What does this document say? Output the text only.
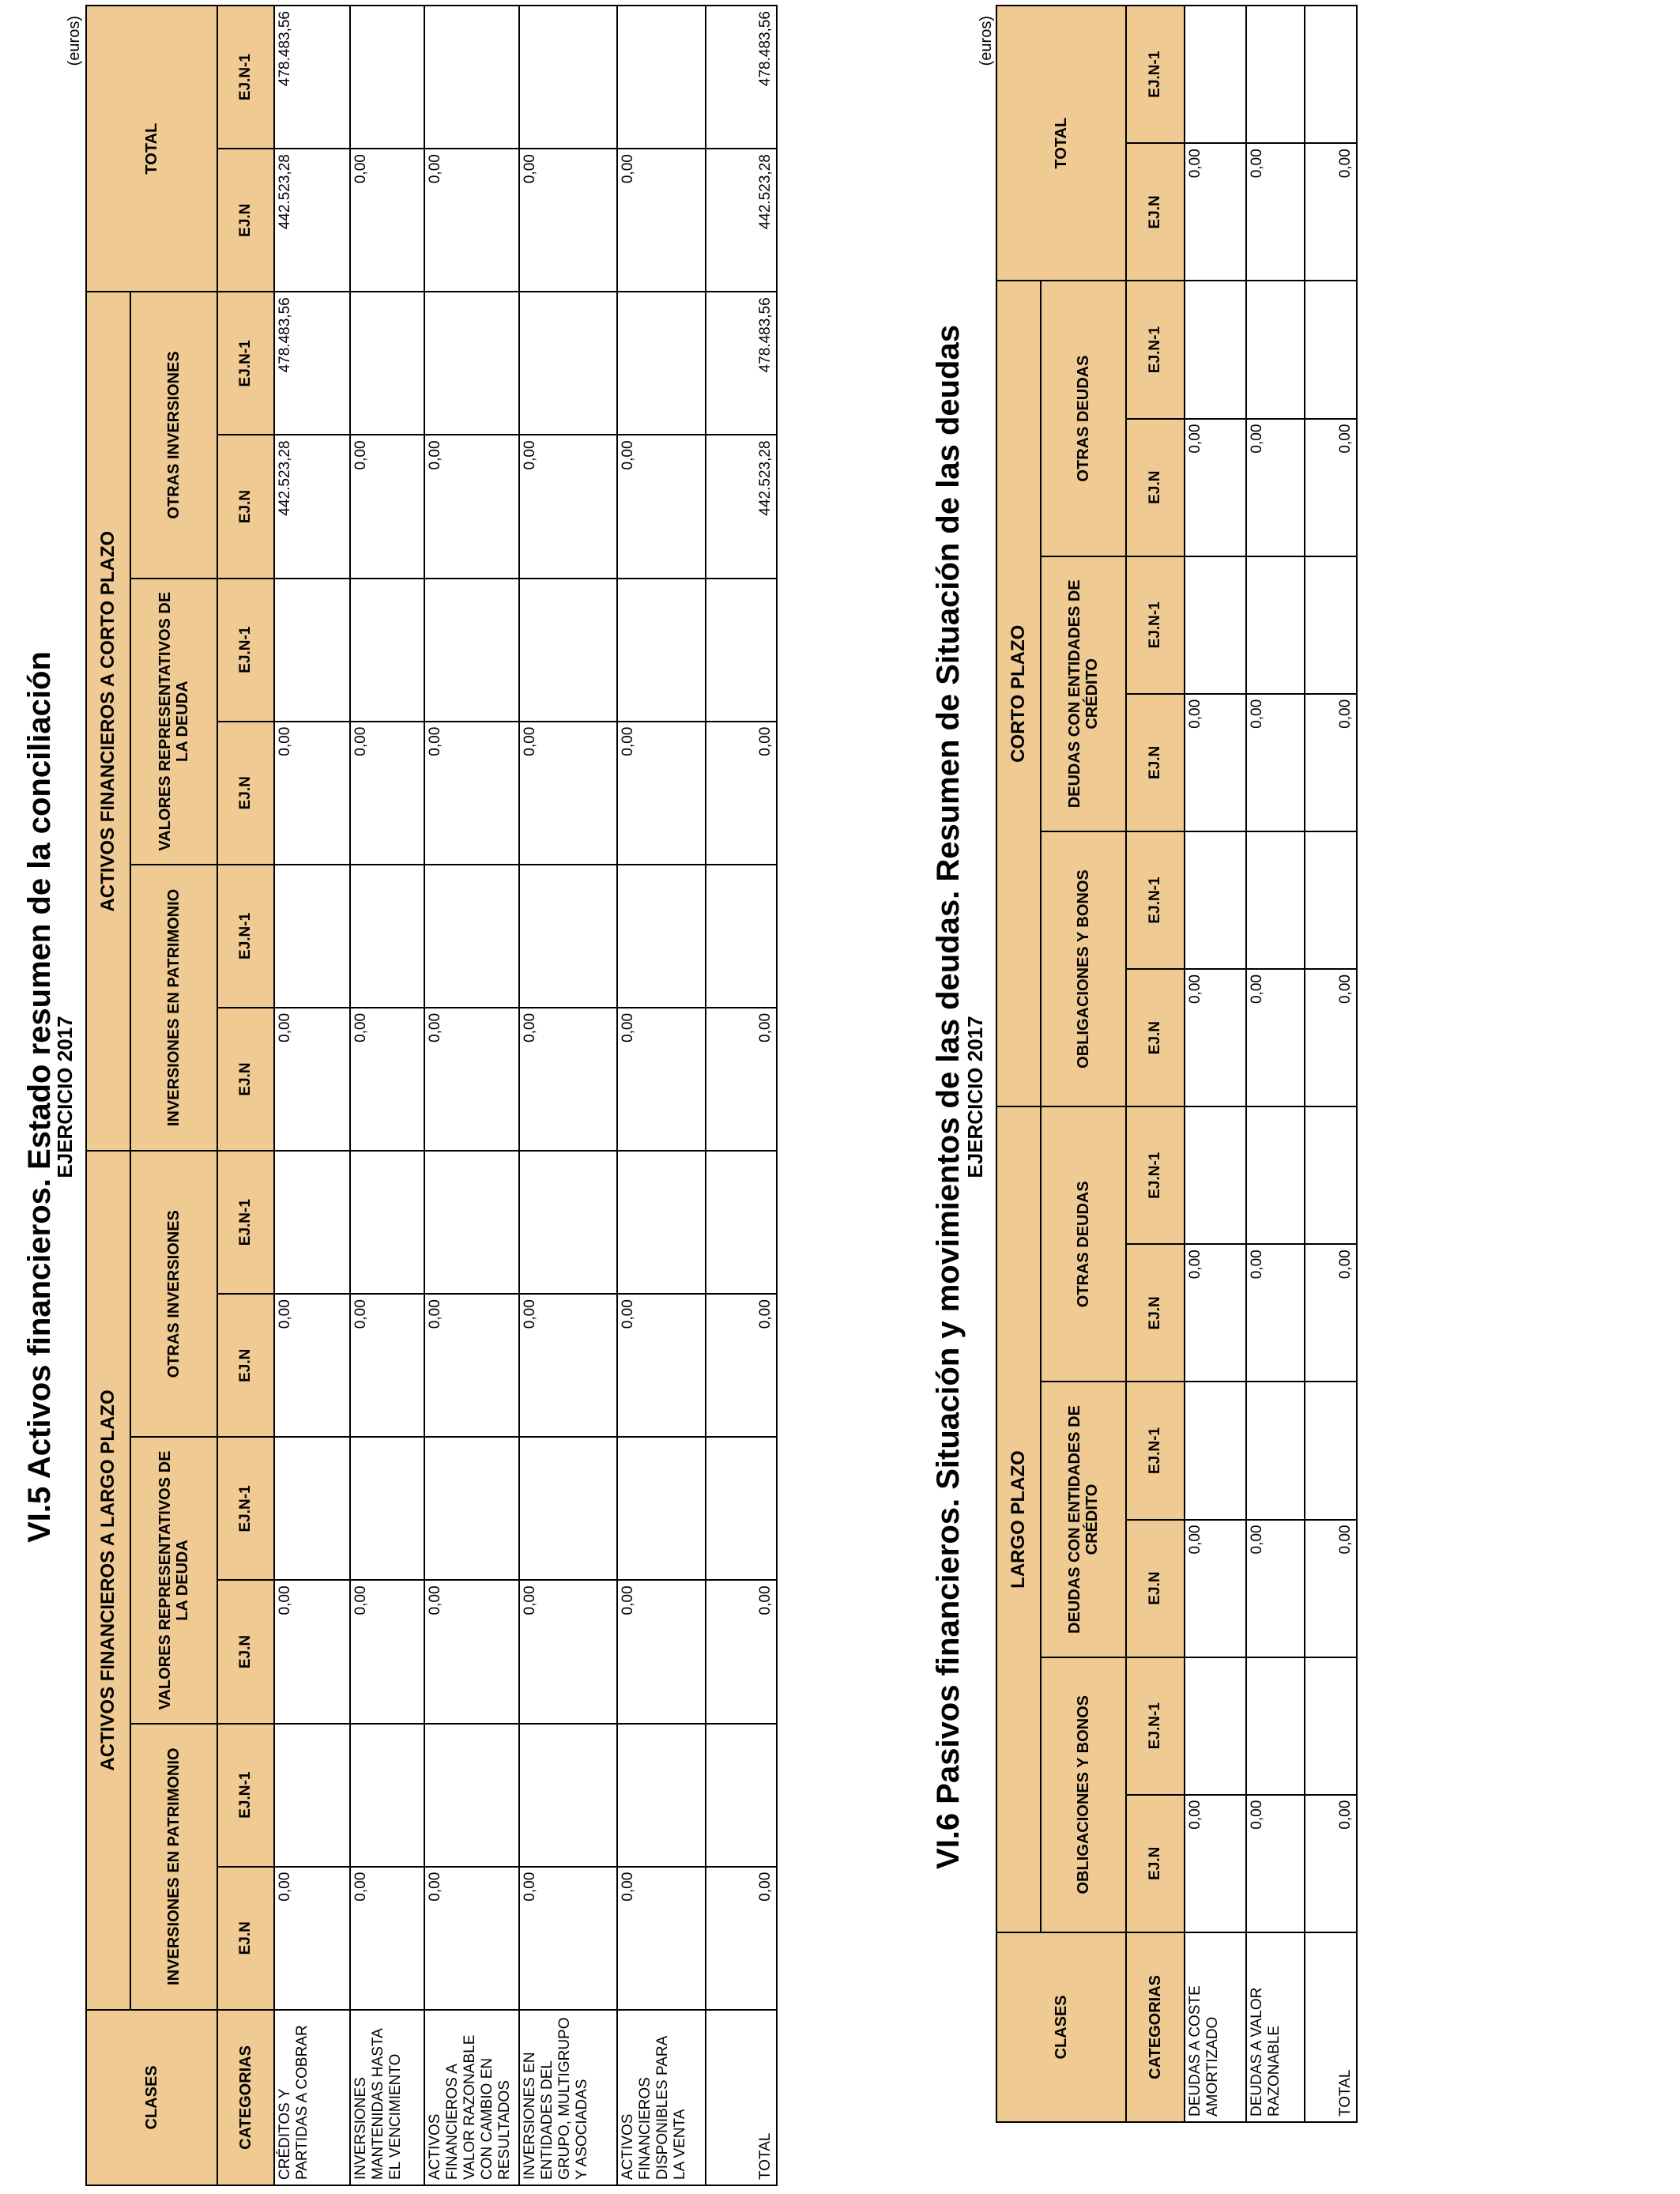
VI.5 Activos financieros. Estado resumen de la conciliación
EJERCICIO 2017
(euros)
CLASES	ACTIVOS FINANCIEROS A LARGO PLAZO						ACTIVOS FINANCIEROS A CORTO PLAZO						TOTAL	
	INVERSIONES EN PATRIMONIO		VALORES REPRESENTATIVOS DE LA DEUDA		OTRAS INVERSIONES		INVERSIONES EN PATRIMONIO		VALORES REPRESENTATIVOS DE LA DEUDA		OTRAS INVERSIONES			
CATEGORIAS	EJ.N	EJ.N-1	EJ.N	EJ.N-1	EJ.N	EJ.N-1	EJ.N	EJ.N-1	EJ.N	EJ.N-1	EJ.N	EJ.N-1	EJ.N	EJ.N-1
CRÉDITOS Y PARTIDAS A COBRAR	0,00		0,00		0,00		0,00		0,00		442.523,28	478.483,56	442.523,28	478.483,56
INVERSIONES MANTENIDAS HASTA EL VENCIMIENTO	0,00		0,00		0,00		0,00		0,00		0,00		0,00	
ACTIVOS FINANCIEROS A VALOR RAZONABLE CON CAMBIO EN RESULTADOS	0,00		0,00		0,00		0,00		0,00		0,00		0,00	
INVERSIONES EN ENTIDADES DEL GRUPO, MULTIGRUPO Y ASOCIADAS	0,00		0,00		0,00		0,00		0,00		0,00		0,00	
ACTIVOS FINANCIEROS DISPONIBLES PARA LA VENTA	0,00		0,00		0,00		0,00		0,00		0,00		0,00	
TOTAL	0,00		0,00		0,00		0,00		0,00		442.523,28	478.483,56	442.523,28	478.483,56
VI.6 Pasivos financieros. Situación y movimientos de las deudas. Resumen de Situación de las deudas
EJERCICIO 2017
(euros)
CLASES	LARGO PLAZO						CORTO PLAZO						TOTAL	
	OBLIGACIONES Y BONOS		DEUDAS CON ENTIDADES DE CRÉDITO		OTRAS DEUDAS		OBLIGACIONES Y BONOS		DEUDAS CON ENTIDADES DE CRÉDITO		OTRAS DEUDAS			
CATEGORIAS	EJ.N	EJ.N-1	EJ.N	EJ.N-1	EJ.N	EJ.N-1	EJ.N	EJ.N-1	EJ.N	EJ.N-1	EJ.N	EJ.N-1	EJ.N	EJ.N-1
DEUDAS A COSTE AMORTIZADO	0,00		0,00		0,00		0,00		0,00		0,00		0,00	
DEUDAS A VALOR RAZONABLE	0,00		0,00		0,00		0,00		0,00		0,00		0,00	
TOTAL	0,00		0,00		0,00		0,00		0,00		0,00		0,00	
